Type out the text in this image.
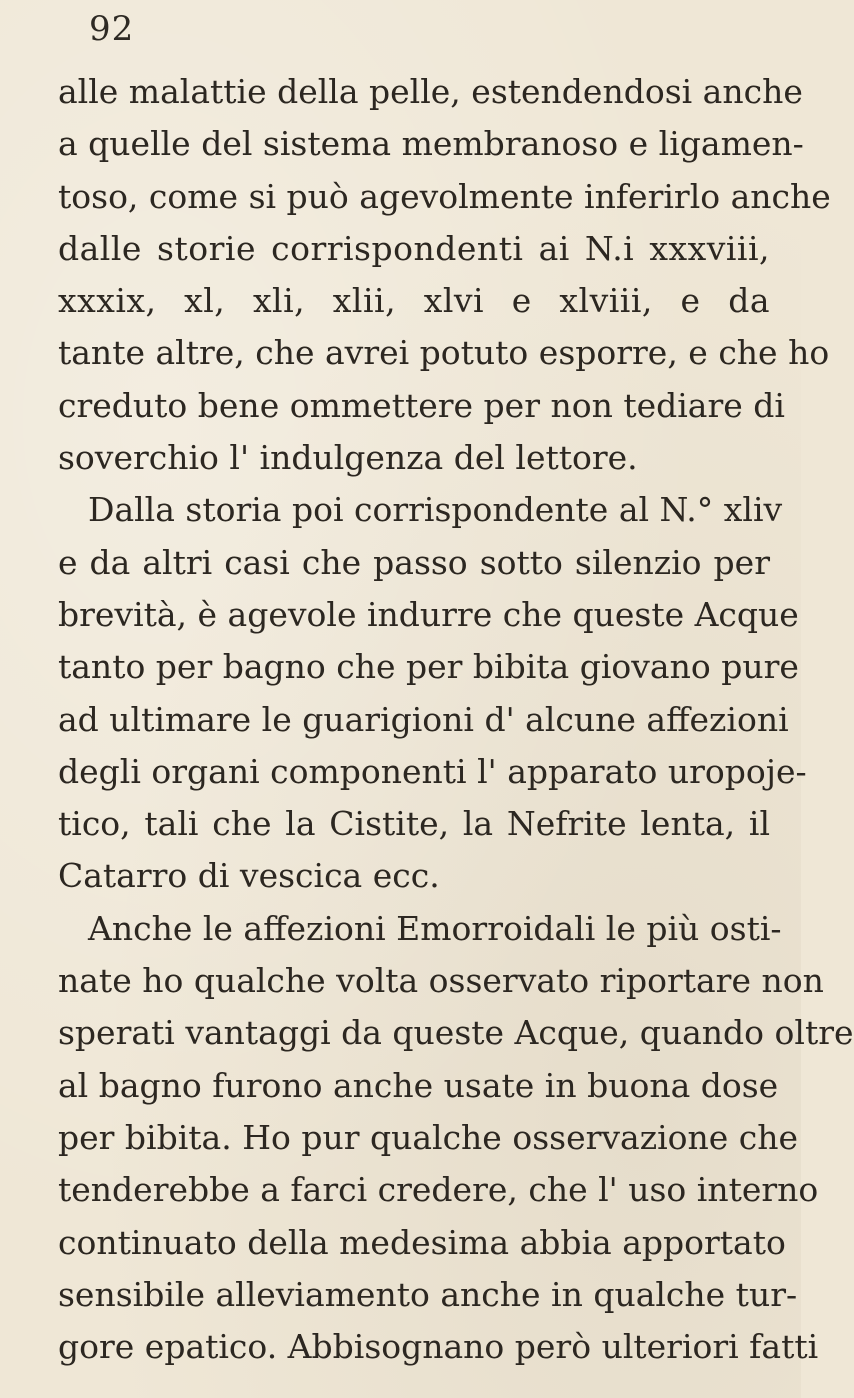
92
alle malattie della pelle, estendendosi anche
a quelle del sistema membranoso e ligamen-
toso, come si può agevolmente inferirlo anche
dalle storie corrispondenti ai N.i xxxviii,
xxxix, xl, xli, xlii, xlvi e xlviii, e da
tante altre, che avrei potuto esporre, e che ho
creduto bene ommettere per non tediare di
soverchio l' indulgenza del lettore.
Dalla storia poi corrispondente al N.° xliv
e da altri casi che passo sotto silenzio per
brevità, è agevole indurre che queste Acque
tanto per bagno che per bibita giovano pure
ad ultimare le guarigioni d' alcune affezioni
degli organi componenti l' apparato uropoje-
tico, tali che la Cistite, la Nefrite lenta, il
Catarro di vescica ecc.
Anche le affezioni Emorroidali le più osti-
nate ho qualche volta osservato riportare non
sperati vantaggi da queste Acque, quando oltre
al bagno furono anche usate in buona dose
per bibita. Ho pur qualche osservazione che
tenderebbe a farci credere, che l' uso interno
continuato della medesima abbia apportato
sensibile alleviamento anche in qualche tur-
gore epatico. Abbisognano però ulteriori fatti
